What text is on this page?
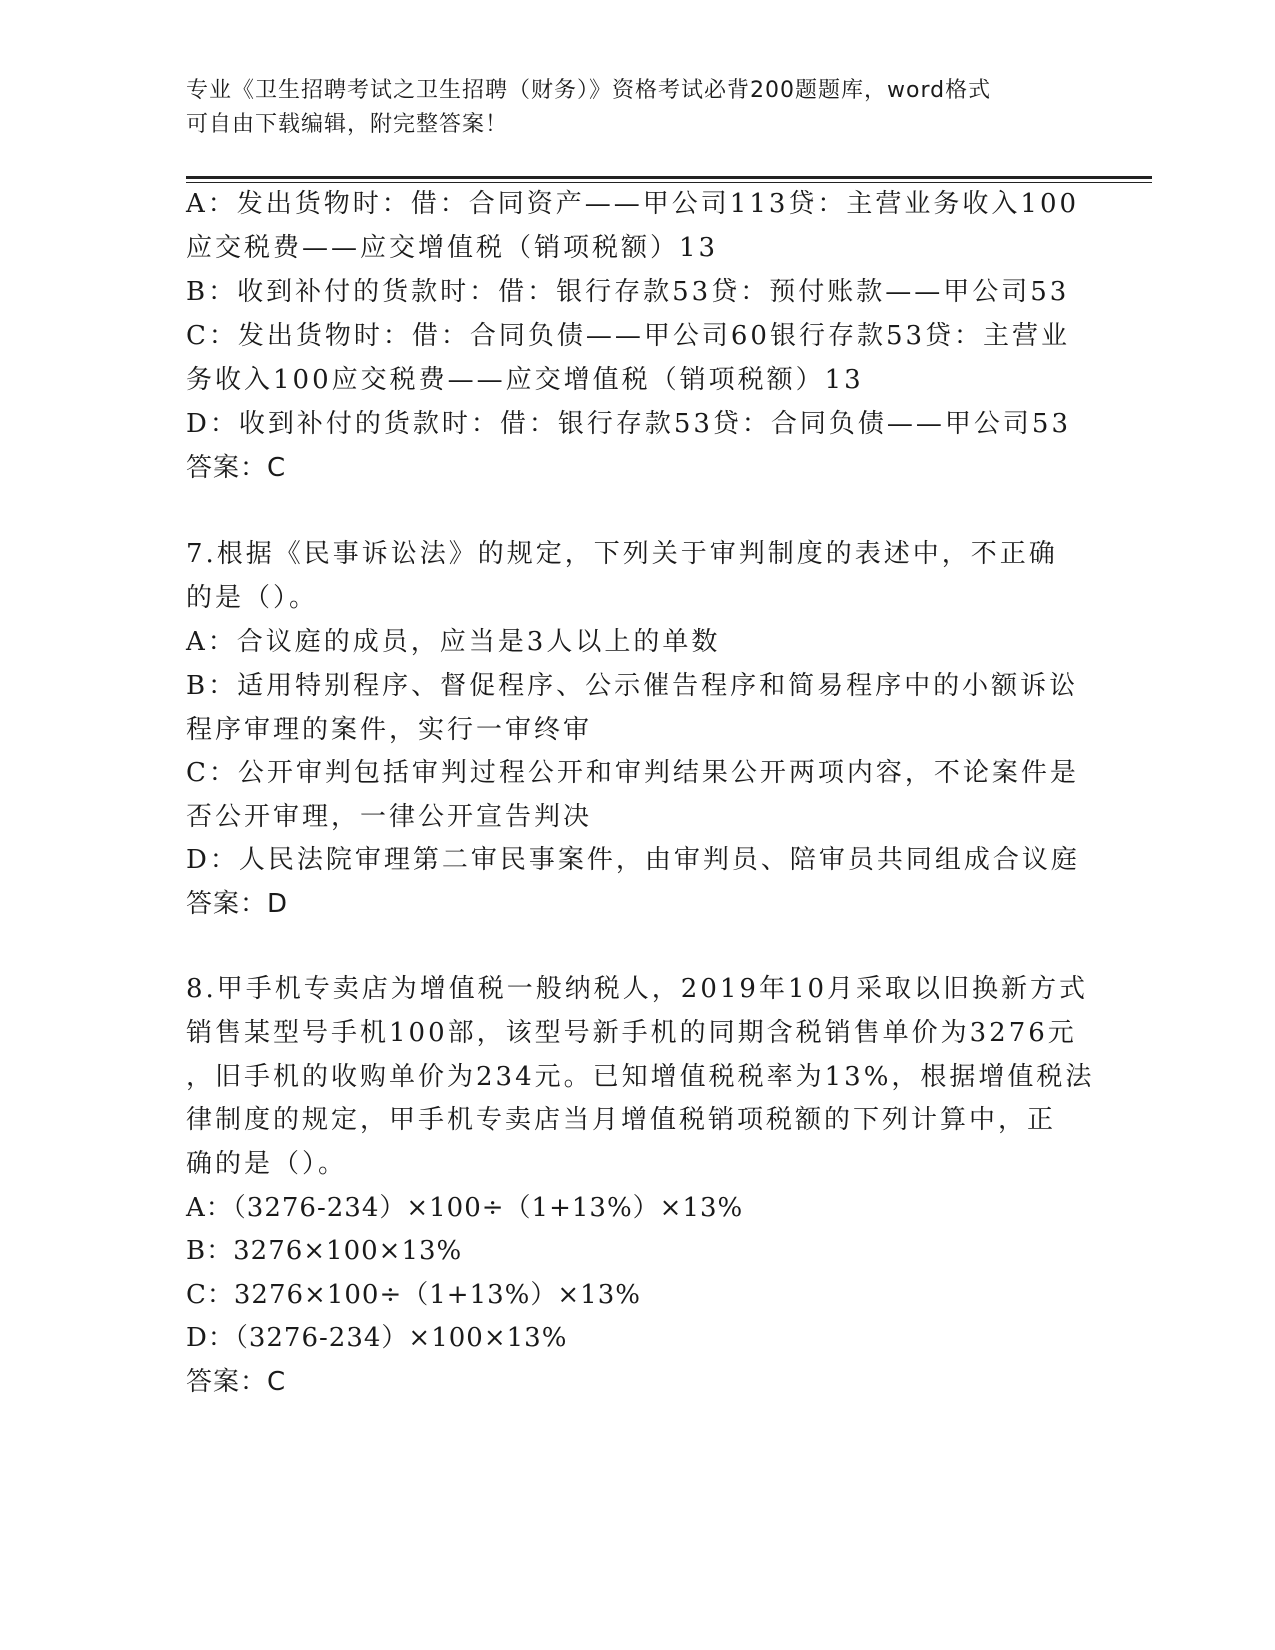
专业《卫生招聘考试之卫生招聘（财务）》资格考试必背200题题库，word格式
可自由下载编辑，附完整答案！
A：发出货物时：借：合同资产——甲公司113贷：主营业务收入100
应交税费——应交增值税（销项税额）13
B：收到补付的货款时：借：银行存款53贷：预付账款——甲公司53
C：发出货物时：借：合同负债——甲公司60银行存款53贷：主营业
务收入100应交税费——应交增值税（销项税额）13
D：收到补付的货款时：借：银行存款53贷：合同负债——甲公司53
答案：C
7.根据《民事诉讼法》的规定，下列关于审判制度的表述中，不正确
的是（）。
A：合议庭的成员，应当是3人以上的单数
B：适用特别程序、督促程序、公示催告程序和简易程序中的小额诉讼
程序审理的案件，实行一审终审
C：公开审判包括审判过程公开和审判结果公开两项内容，不论案件是
否公开审理，一律公开宣告判决
D：人民法院审理第二审民事案件，由审判员、陪审员共同组成合议庭
答案：D
8.甲手机专卖店为增值税一般纳税人，2019年10月采取以旧换新方式
销售某型号手机100部，该型号新手机的同期含税销售单价为3276元
，旧手机的收购单价为234元。已知增值税税率为13%，根据增值税法
律制度的规定，甲手机专卖店当月增值税销项税额的下列计算中，正
确的是（）。
A：（3276-234）×100÷（1+13%）×13%
B：3276×100×13%
C：3276×100÷（1+13%）×13%
D：（3276-234）×100×13%
答案：C
